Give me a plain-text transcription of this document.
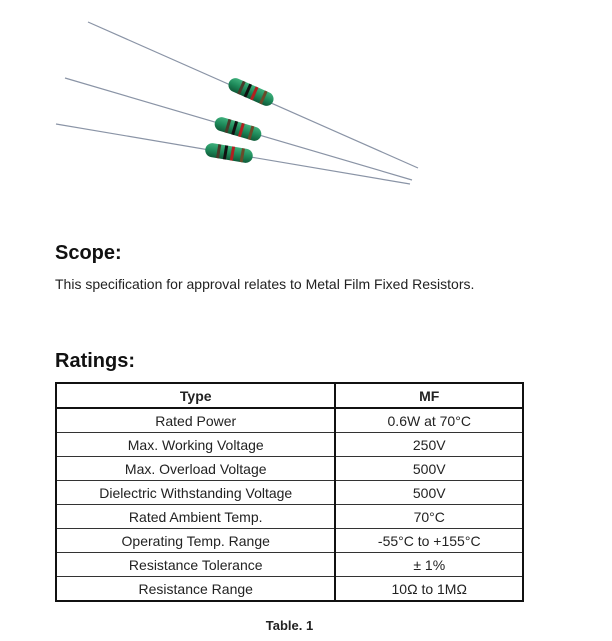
Scope:
This specification for approval relates to Metal Film Fixed Resistors.
Ratings:
Type	MF
Rated Power	0.6W at 70°C
Max. Working Voltage	250V
Max. Overload Voltage	500V
Dielectric Withstanding Voltage	500V
Rated Ambient Temp.	70°C
Operating Temp. Range	-55°C to +155°C
Resistance Tolerance	± 1%
Resistance Range	10Ω to 1MΩ
Table. 1
